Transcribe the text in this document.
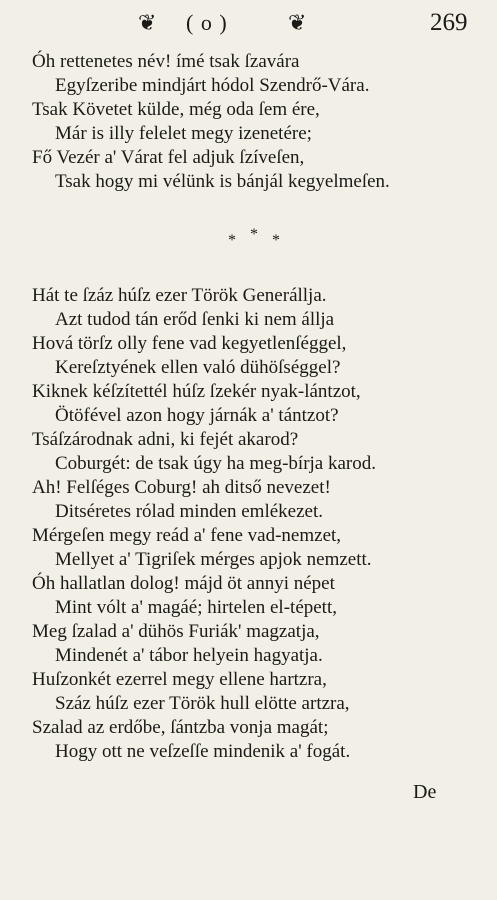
❦ ( o )	❦	269
Óh rettenetes név! ímé tsak ſzavára
Egyſzeribe mindjárt hódol Szendrő-Vára.
Tsak Követet külde, még oda ſem ére,
Már is illy felelet megy izenetére;
Fő Vezér a' Várat fel adjuk ſzíveſen,
Tsak hogy mi vélünk is bánjál kegyelmeſen.
* * *
Hát te ſzáz húſz ezer Török Generállja.
Azt tudod tán erőd ſenki ki nem állja
Hová törſz olly fene vad kegyetlenſéggel,
Kereſztyének ellen való dühöſséggel?
Kiknek kéſzítettél húſz ſzekér nyak-lántzot,
Ötöfével azon hogy járnák a' tántzot?
Tsáſzárodnak adni, ki fejét akarod?
Coburgét: de tsak úgy ha meg-bírja karod.
Ah! Felſéges Coburg! ah ditső nevezet!
Ditséretes rólad minden emlékezet.
Mérgeſen megy reád a' fene vad-nemzet,
Mellyet a' Tigriſek mérges apjok nemzett.
Óh hallatlan dolog! májd öt annyi népet
Mint vólt a' magáé; hirtelen el-tépett,
Meg ſzalad a' dühös Furiák' magzatja,
Mindenét a' tábor helyein hagyatja.
Huſzonkét ezerrel megy ellene hartzra,
Száz húſz ezer Török hull elötte artzra,
Szalad az erdőbe, ſántzba vonja magát;
Hogy ott ne veſzeſſe mindenik a' fogát.
De
